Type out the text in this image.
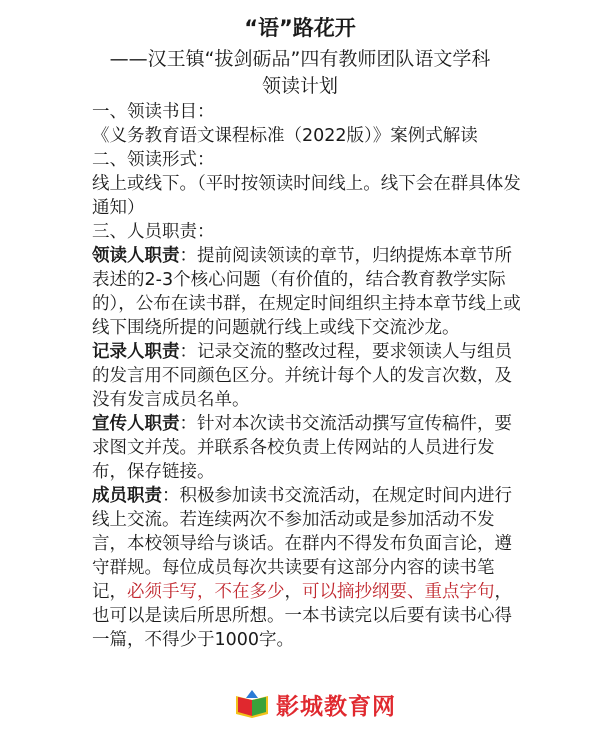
“语”路花开
——汉王镇“拔剑砺品”四有教师团队语文学科
领读计划

一、领读书目：

《义务教育语文课程标准（2022版）》案例式解读

二、领读形式：

线上或线下。（平时按领读时间线上。线下会在群具体发通知）

三、人员职责：

领读人职责：提前阅读领读的章节，归纳提炼本章节所表述的2-3个核心问题（有价值的，结合教育教学实际的），公布在读书群，在规定时间组织主持本章节线上或线下围绕所提的问题就行线上或线下交流沙龙。

记录人职责：记录交流的整改过程，要求领读人与组员的发言用不同颜色区分。并统计每个人的发言次数，及没有发言成员名单。

宣传人职责：针对本次读书交流活动撰写宣传稿件，要求图文并茂。并联系各校负责上传网站的人员进行发布，保存链接。

成员职责：积极参加读书交流活动，在规定时间内进行线上交流。若连续两次不参加活动或是参加活动不发言，本校领导给与谈话。在群内不得发布负面言论，遵守群规。每位成员每次共读要有这部分内容的读书笔记，必须手写，不在多少，可以摘抄纲要、重点字句，也可以是读后所思所想。一本书读完以后要有读书心得一篇，不得少于1000字。

影城教育网
